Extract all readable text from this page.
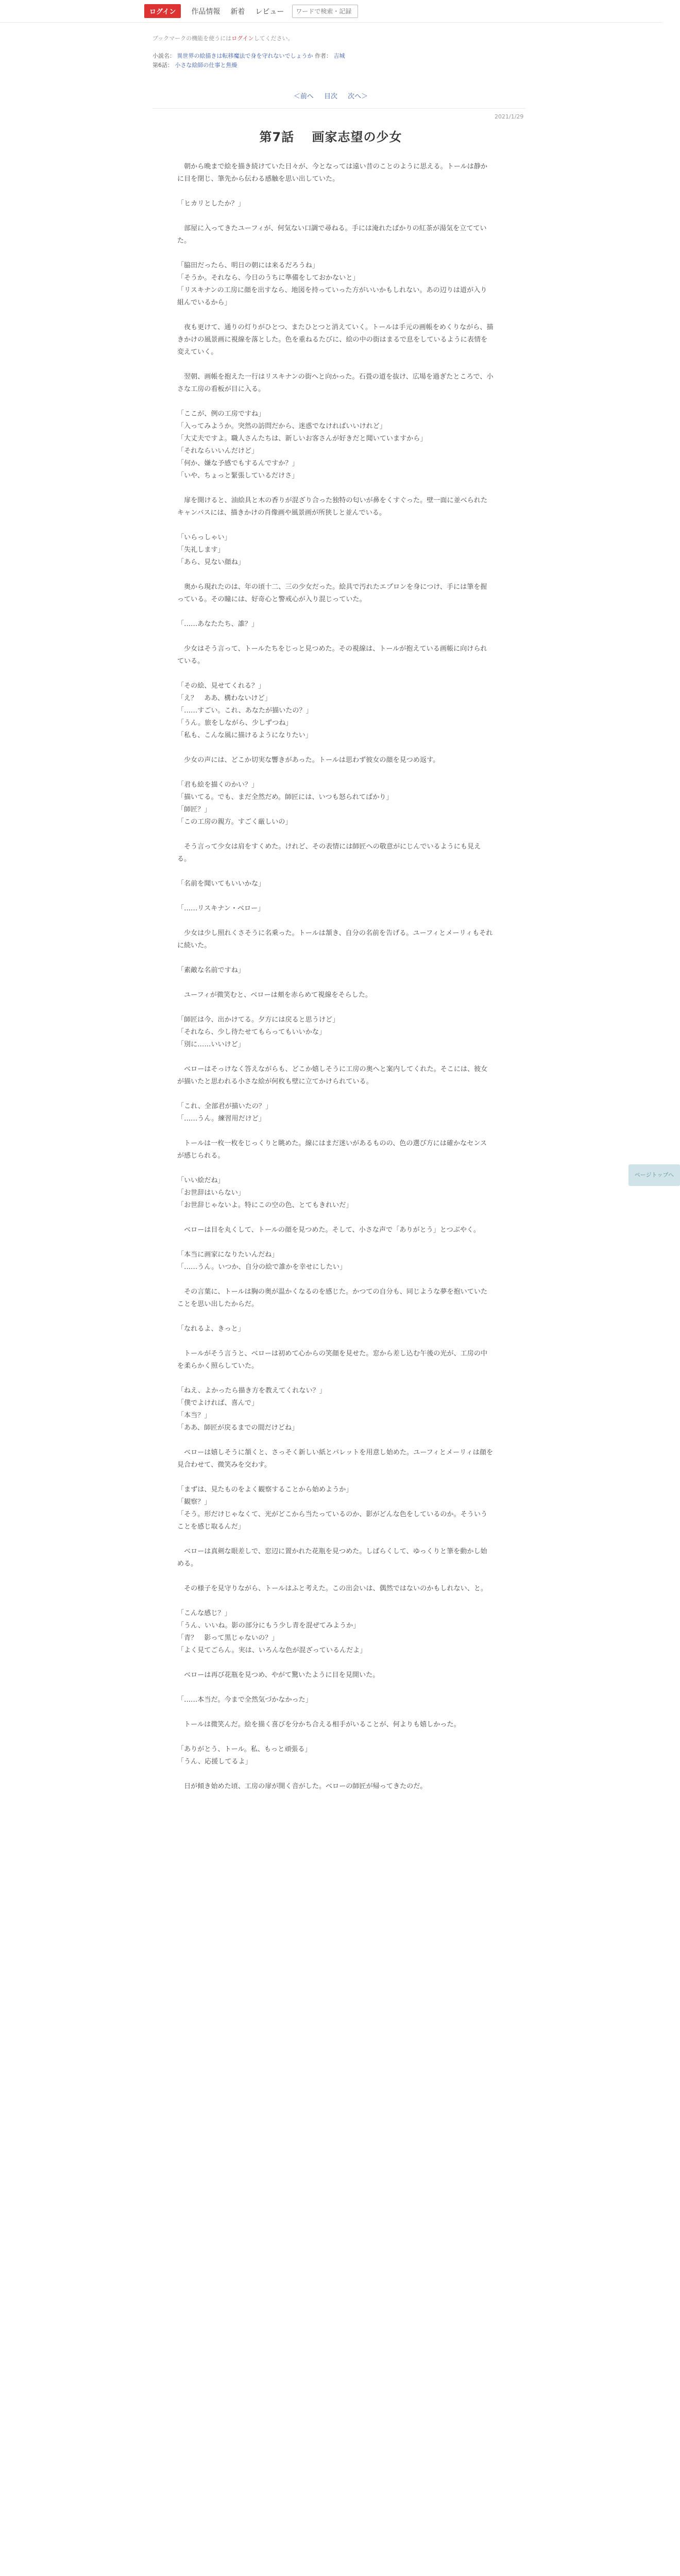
ログイン	作品情報 新着 レビュー
ワードで検索・記録
ブックマークの機能を使うにはログインしてください。
小説名： 異世界の絵描きは転移魔法で身を守れないでしょうか 作者： 吉城
第6話： 小さな絵師の仕事と焦燥
＜前へ 目次 次へ＞
2021/1/29
第7話　 画家志望の少女

　朝から晩まで絵を描き続けていた日々が、今となっては遠い昔のことのように思える。トールは静かに目を閉じ、筆先から伝わる感触を思い出していた。

「ヒカリとしたか？」

　部屋に入ってきたユーフィが、何気ない口調で尋ねる。手には淹れたばかりの紅茶が湯気を立てていた。

「脇田だったら、明日の朝には来るだろうね」
「そうか。それなら、今日のうちに準備をしておかないと」
「リスキナンの工房に顔を出すなら、地図を持っていった方がいいかもしれない。あの辺りは道が入り組んでいるから」

　夜も更けて、通りの灯りがひとつ、またひとつと消えていく。トールは手元の画帳をめくりながら、描きかけの風景画に視線を落とした。色を重ねるたびに、絵の中の街はまるで息をしているように表情を変えていく。

　翌朝、画帳を抱えた一行はリスキナンの街へと向かった。石畳の道を抜け、広場を過ぎたところで、小さな工房の看板が目に入る。

「ここが、例の工房ですね」
「入ってみようか。突然の訪問だから、迷惑でなければいいけれど」
「大丈夫ですよ。職人さんたちは、新しいお客さんが好きだと聞いていますから」
「それならいいんだけど」
「何か、嫌な予感でもするんですか？」
「いや、ちょっと緊張しているだけさ」

　扉を開けると、油絵具と木の香りが混ざり合った独特の匂いが鼻をくすぐった。壁一面に並べられたキャンバスには、描きかけの肖像画や風景画が所狭しと並んでいる。

「いらっしゃい」
「失礼します」
「あら、見ない顔ね」

　奥から現れたのは、年の頃十二、三の少女だった。絵具で汚れたエプロンを身につけ、手には筆を握っている。その瞳には、好奇心と警戒心が入り混じっていた。

「……あなたたち、誰？」

　少女はそう言って、トールたちをじっと見つめた。その視線は、トールが抱えている画帳に向けられている。

「その絵、見せてくれる？」
「え？　ああ、構わないけど」
「……すごい。これ、あなたが描いたの？」
「うん。旅をしながら、少しずつね」
「私も、こんな風に描けるようになりたい」

　少女の声には、どこか切実な響きがあった。トールは思わず彼女の顔を見つめ返す。

「君も絵を描くのかい？」
「描いてる。でも、まだ全然だめ。師匠には、いつも怒られてばかり」
「師匠？」
「この工房の親方。すごく厳しいの」

　そう言って少女は肩をすくめた。けれど、その表情には師匠への敬意がにじんでいるようにも見える。

「名前を聞いてもいいかな」

「……リスキナン・ベロー」

　少女は少し照れくさそうに名乗った。トールは頷き、自分の名前を告げる。ユーフィとメーリィもそれに続いた。

「素敵な名前ですね」

　ユーフィが微笑むと、ベローは頬を赤らめて視線をそらした。

「師匠は今、出かけてる。夕方には戻ると思うけど」
「それなら、少し待たせてもらってもいいかな」
「別に……いいけど」

　ベローはそっけなく答えながらも、どこか嬉しそうに工房の奥へと案内してくれた。そこには、彼女が描いたと思われる小さな絵が何枚も壁に立てかけられている。

「これ、全部君が描いたの？」
「……うん。練習用だけど」

　トールは一枚一枚をじっくりと眺めた。線にはまだ迷いがあるものの、色の選び方には確かなセンスが感じられる。

「いい絵だね」
「お世辞はいらない」
「お世辞じゃないよ。特にこの空の色、とてもきれいだ」

　ベローは目を丸くして、トールの顔を見つめた。そして、小さな声で「ありがとう」とつぶやく。

「本当に画家になりたいんだね」
「……うん。いつか、自分の絵で誰かを幸せにしたい」

　その言葉に、トールは胸の奥が温かくなるのを感じた。かつての自分も、同じような夢を抱いていたことを思い出したからだ。

「なれるよ、きっと」

　トールがそう言うと、ベローは初めて心からの笑顔を見せた。窓から差し込む午後の光が、工房の中を柔らかく照らしていた。

「ねえ、よかったら描き方を教えてくれない？」
「僕でよければ、喜んで」
「本当？」
「ああ、師匠が戻るまでの間だけどね」

　ベローは嬉しそうに頷くと、さっそく新しい紙とパレットを用意し始めた。ユーフィとメーリィは顔を見合わせて、微笑みを交わす。

「まずは、見たものをよく観察することから始めようか」
「観察？」
「そう。形だけじゃなくて、光がどこから当たっているのか、影がどんな色をしているのか。そういうことを感じ取るんだ」

　ベローは真剣な眼差しで、窓辺に置かれた花瓶を見つめた。しばらくして、ゆっくりと筆を動かし始める。

　その様子を見守りながら、トールはふと考えた。この出会いは、偶然ではないのかもしれない、と。

「こんな感じ？」
「うん、いいね。影の部分にもう少し青を混ぜてみようか」
「青？　影って黒じゃないの？」
「よく見てごらん。実は、いろんな色が混ざっているんだよ」

　ベローは再び花瓶を見つめ、やがて驚いたように目を見開いた。

「……本当だ。今まで全然気づかなかった」

　トールは微笑んだ。絵を描く喜びを分かち合える相手がいることが、何よりも嬉しかった。

「ありがとう、トール。私、もっと頑張る」
「うん、応援してるよ」

　日が傾き始めた頃、工房の扉が開く音がした。ベローの師匠が帰ってきたのだ。

ページトップへ
